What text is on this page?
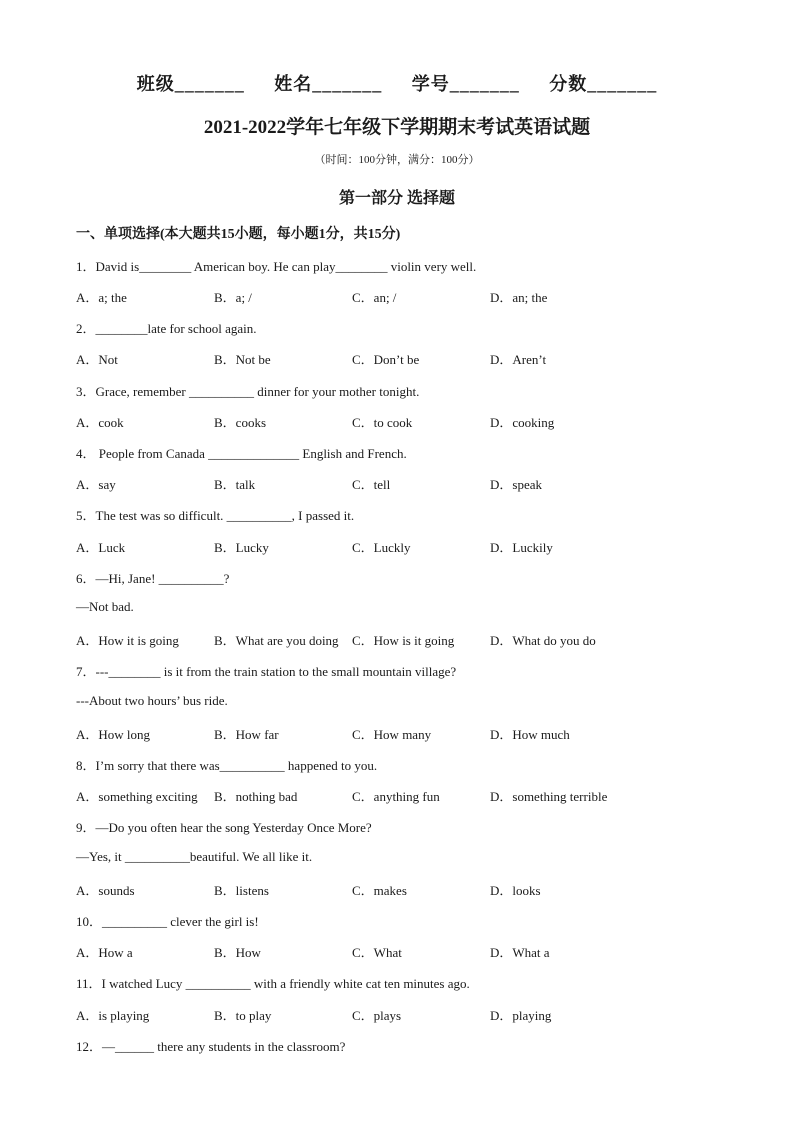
班级_______ 姓名_______ 学号_______ 分数_______
2021-2022学年七年级下学期期末考试英语试题
（时间：100分钟，满分：100分）
第一部分 选择题
一、单项选择(本大题共15小题，每小题1分，共15分)
1．David is________ American boy. He can play________ violin very well.
A．a; the	B．a; /	C．an; /	D．an; the
2．________late for school again.
A．Not	B．Not be	C．Don’t be	D．Aren’t
3．Grace, remember __________ dinner for your mother tonight.
A．cook	B．cooks	C．to cook	D．cooking
4． People from Canada ______________ English and French.
A．say	B．talk	C．tell	D．speak
5．The test was so difficult. __________, I passed it.
A．Luck	B．Lucky	C．Luckly	D．Luckily
6．—Hi, Jane! __________?
—Not bad.
A．How it is going	B．What are you doing C．How is it going	D．What do you do
7．---________ is it from the train station to the small mountain village?
---About two hours’ bus ride.
A．How long	B．How far	C．How many	D．How much
8．I’m sorry that there was__________ happened to you.
A．something exciting B．nothing bad	C．anything fun	D．something terrible
9．—Do you often hear the song Yesterday Once More?
—Yes, it __________beautiful. We all like it.
A．sounds	B．listens	C．makes	D．looks
10．__________ clever the girl is!
A．How a	B．How	C．What	D．What a
11．I watched Lucy __________ with a friendly white cat ten minutes ago.
A．is playing	B．to play	C．plays	D．playing
12．—______ there any students in the classroom?
